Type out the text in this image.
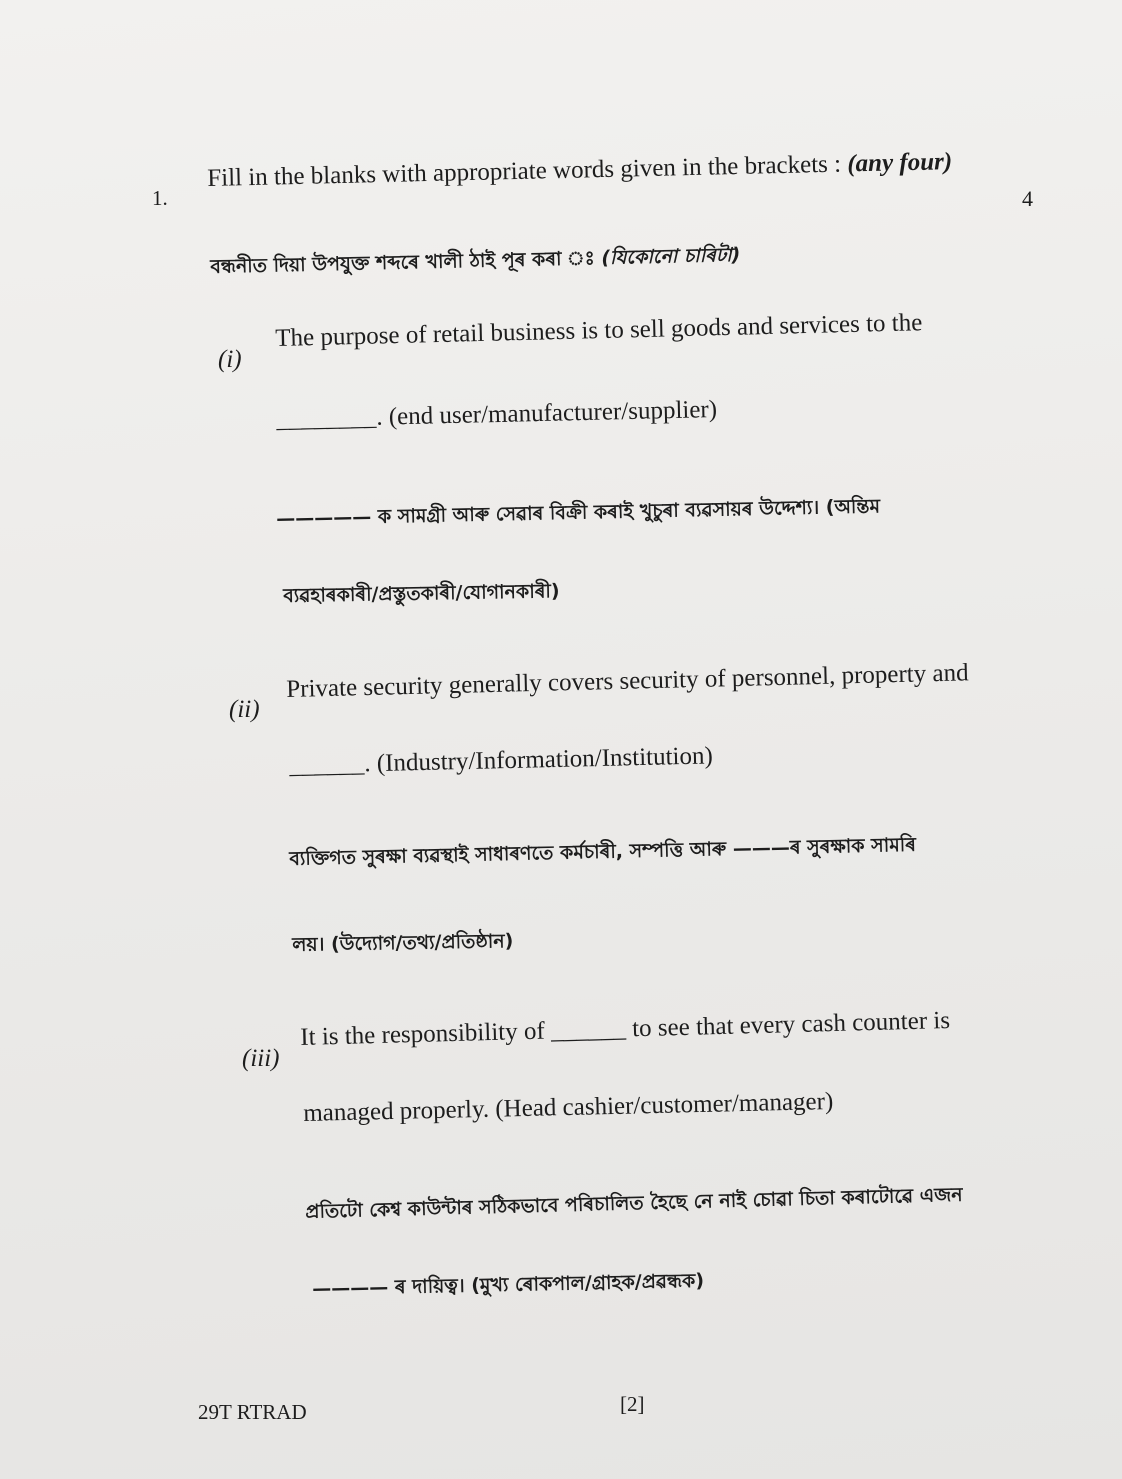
1.
Fill in the blanks with appropriate words given in the brackets : (any four)
4
বন্ধনীত দিয়া উপযুক্ত শব্দৰে খালী ঠাই পূৰ কৰা ঃ (যিকোনো চাৰিটা)
(i)
The purpose of retail business is to sell goods and services to the
________. (end user/manufacturer/supplier)
————— ক সামগ্ৰী আৰু সেৱাৰ বিক্ৰী কৰাই খুচুৰা ব্যৱসায়ৰ উদ্দেশ্য। (অন্তিম
ব্যৱহাৰকাৰী/প্ৰস্তুতকাৰী/যোগানকাৰী)
(ii)
Private security generally covers security of personnel, property and
______. (Industry/Information/Institution)
ব্যক্তিগত সুৰক্ষা ব্যৱস্থাই সাধাৰণতে কৰ্মচাৰী, সম্পত্তি আৰু ———ৰ সুৰক্ষাক সামৰি
লয়। (উদ্যোগ/তথ্য/প্ৰতিষ্ঠান)
(iii)
It is the responsibility of ______ to see that every cash counter is
managed properly. (Head cashier/customer/manager)
প্ৰতিটো কেশ্ব কাউন্টাৰ সঠিকভাবে পৰিচালিত হৈছে নে নাই চোৱা চিতা কৰাটোৱে এজন
———— ৰ দায়িত্ব। (মুখ্য ৰোকপাল/গ্ৰাহক/প্ৰৱন্ধক)
29T RTRAD	[2]
